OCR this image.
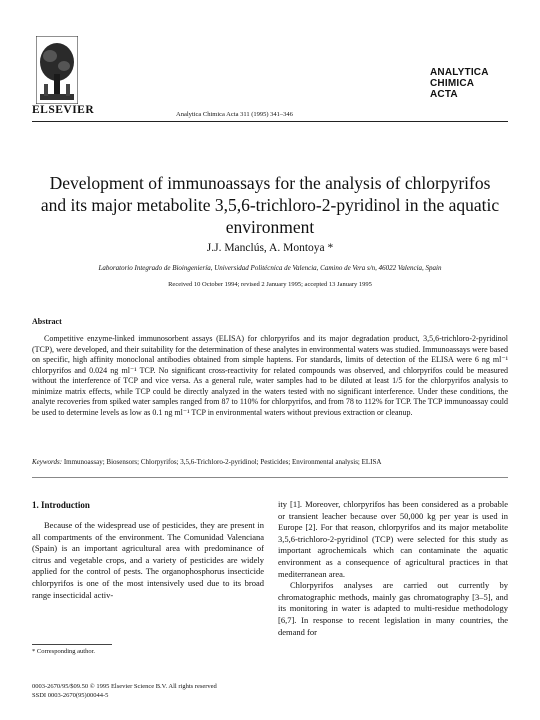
ELSEVIER	Analytica Chimica Acta 311 (1995) 341–346
ANALYTICA
CHIMICA
ACTA
Development of immunoassays for the analysis of chlorpyrifos and its major metabolite 3,5,6-trichloro-2-pyridinol in the aquatic environment
J.J. Manclús, A. Montoya *
Laboratorio Integrado de Bioingeniería, Universidad Politécnica de Valencia, Camino de Vera s/n, 46022 Valencia, Spain
Received 10 October 1994; revised 2 January 1995; accepted 13 January 1995
Abstract
Competitive enzyme-linked immunosorbent assays (ELISA) for chlorpyrifos and its major degradation product, 3,5,6-trichloro-2-pyridinol (TCP), were developed, and their suitability for the determination of these analytes in environmental waters was studied. Immunoassays were based on specific, high affinity monoclonal antibodies obtained from simple haptens. For standards, limits of detection of the ELISA were 6 ng ml⁻¹ chlorpyrifos and 0.024 ng ml⁻¹ TCP. No significant cross-reactivity for related compounds was observed, and chlorpyrifos could be measured without the interference of TCP and vice versa. As a general rule, water samples had to be diluted at least 1/5 for the chlorpyrifos analysis to minimize matrix effects, while TCP could be directly analyzed in the waters tested with no significant interference. Under these conditions, the analyte recoveries from spiked water samples ranged from 87 to 110% for chlorpyrifos, and from 78 to 112% for TCP. The TCP immunoassay could be used to determine levels as low as 0.1 ng ml⁻¹ TCP in environmental waters without previous extraction or cleanup.
Keywords: Immunoassay; Biosensors; Chlorpyrifos; 3,5,6-Trichloro-2-pyridinol; Pesticides; Environmental analysis; ELISA
1. Introduction

Because of the widespread use of pesticides, they are present in all compartments of the environment. The Comunidad Valenciana (Spain) is an important agricultural area with predominance of citrus and vegetable crops, and a variety of pesticides are widely applied for the control of pests. The organophosphorus insecticide chlorpyrifos is one of the most intensively used due to its broad range insecticidal activ-

ity [1]. Moreover, chlorpyrifos has been considered as a probable or transient leacher because over 50,000 kg per year is used in Europe [2]. For that reason, chlorpyrifos and its major metabolite 3,5,6-trichloro-2-pyridinol (TCP) were selected for this study as important agrochemicals which can contaminate the aquatic environment as a consequence of agricultural practices in that mediterranean area.

Chlorpyrifos analyses are carried out currently by chromatographic methods, mainly gas chromatography [3–5], and its monitoring in water is adapted to multi-residue methodology [6,7]. In response to recent legislation in many countries, the demand for

* Corresponding author.
0003-2670/95/$09.50 © 1995 Elsevier Science B.V. All rights reserved
SSDI 0003-2670(95)00044-5
